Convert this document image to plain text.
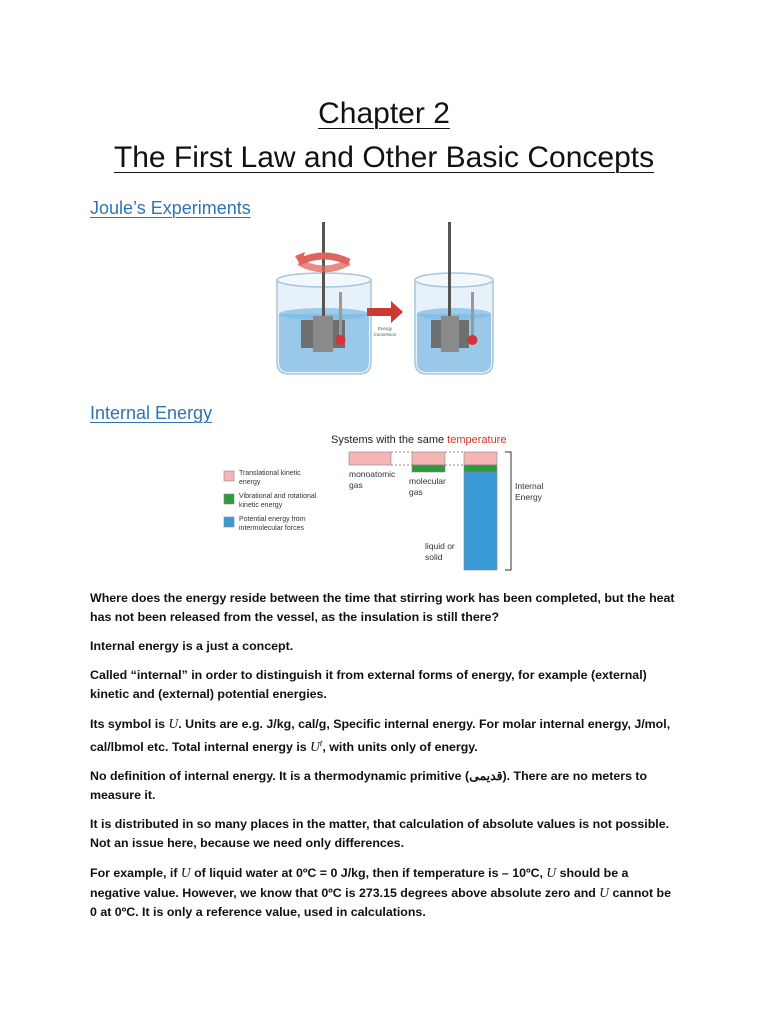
Chapter 2
The First Law and Other Basic Concepts
Joule’s Experiments
Energy
Conversion
Internal Energy
Systems with the same temperature
Translational kinetic
energy
Vibrational and rotational
kinetic energy
Potential energy from
intermolecular forces
monoatomic
gas	molecular
gas
liquid or
solid
Internal
Energy

Where does the energy reside between the time that stirring work has been completed, but the heat has not been released from the vessel, as the insulation is still there?

Internal energy is a just a concept.

Called “internal” in order to distinguish it from external forms of energy, for example (external) kinetic and (external) potential energies.

Its symbol is U. Units are e.g. J/kg, cal/g, Specific internal energy. For molar internal energy, J/mol, cal/lbmol etc. Total internal energy is $U^t$, with units only of energy.

No definition of internal energy. It is a thermodynamic primitive (قدیمی). There are no meters to measure it.

It is distributed in so many places in the matter, that calculation of absolute values is not possible. Not an issue here, because we need only differences.

For example, if U of liquid water at 0ºC = 0 J/kg, then if temperature is – 10ºC, U should be a negative value. However, we know that 0ºC is 273.15 degrees above absolute zero and U cannot be 0 at 0ºC. It is only a reference value, used in calculations.
